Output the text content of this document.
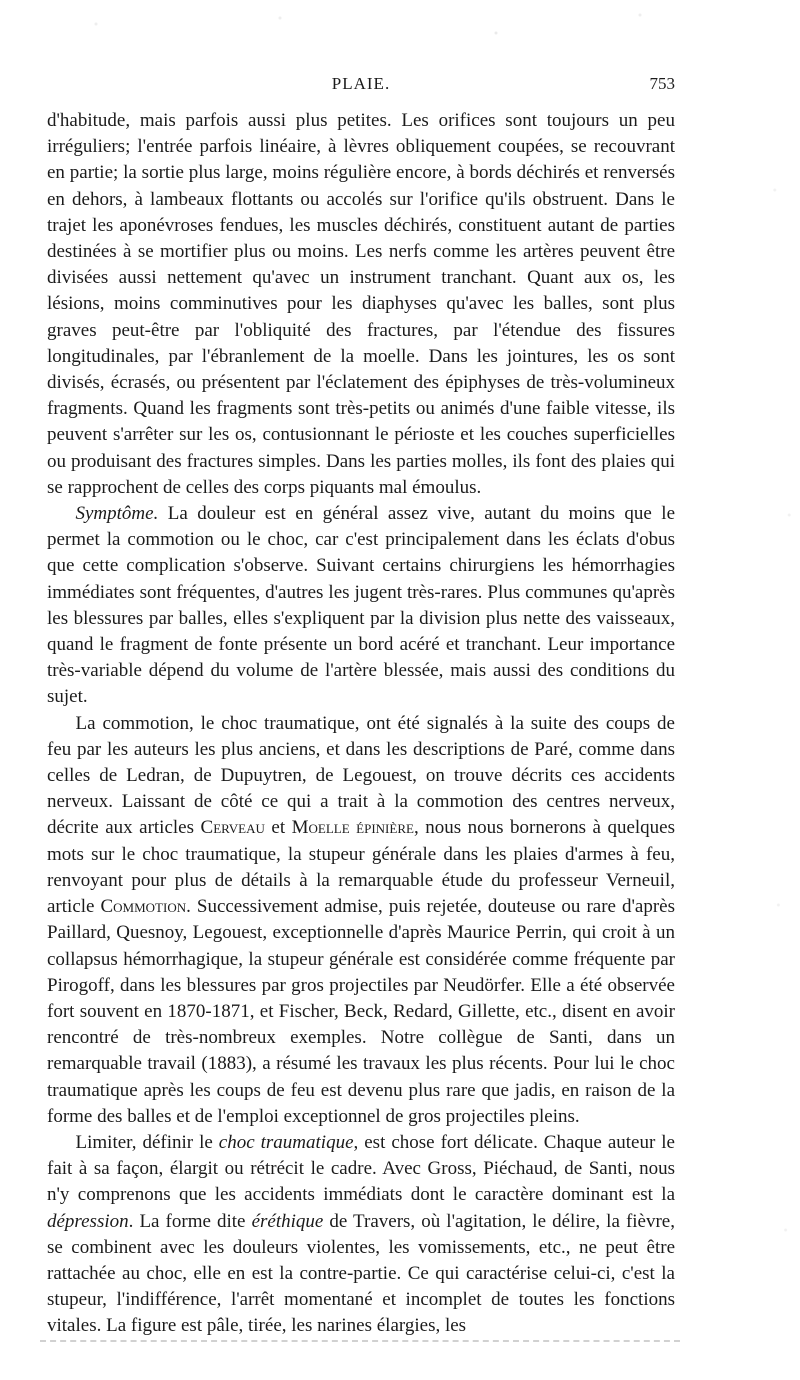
PLAIE.	753

d'habitude, mais parfois aussi plus petites. Les orifices sont toujours un peu irréguliers; l'entrée parfois linéaire, à lèvres obliquement coupées, se recouvrant en partie; la sortie plus large, moins régulière encore, à bords déchirés et renversés en dehors, à lambeaux flottants ou accolés sur l'orifice qu'ils obstruent. Dans le trajet les aponévroses fendues, les muscles déchirés, constituent autant de parties destinées à se mortifier plus ou moins. Les nerfs comme les artères peuvent être divisées aussi nettement qu'avec un instrument tranchant. Quant aux os, les lésions, moins comminutives pour les diaphyses qu'avec les balles, sont plus graves peut-être par l'obliquité des fractures, par l'étendue des fissures longitudinales, par l'ébranlement de la moelle. Dans les jointures, les os sont divisés, écrasés, ou présentent par l'éclatement des épiphyses de très-volumineux fragments. Quand les fragments sont très-petits ou animés d'une faible vitesse, ils peuvent s'arrêter sur les os, contusionnant le périoste et les couches superficielles ou produisant des fractures simples. Dans les parties molles, ils font des plaies qui se rapprochent de celles des corps piquants mal émoulus.

Symptôme. La douleur est en général assez vive, autant du moins que le permet la commotion ou le choc, car c'est principalement dans les éclats d'obus que cette complication s'observe. Suivant certains chirurgiens les hémorrhagies immédiates sont fréquentes, d'autres les jugent très-rares. Plus communes qu'après les blessures par balles, elles s'expliquent par la division plus nette des vaisseaux, quand le fragment de fonte présente un bord acéré et tranchant. Leur importance très-variable dépend du volume de l'artère blessée, mais aussi des conditions du sujet.

La commotion, le choc traumatique, ont été signalés à la suite des coups de feu par les auteurs les plus anciens, et dans les descriptions de Paré, comme dans celles de Ledran, de Dupuytren, de Legouest, on trouve décrits ces accidents nerveux. Laissant de côté ce qui a trait à la commotion des centres nerveux, décrite aux articles Cerveau et Moelle épinière, nous nous bornerons à quelques mots sur le choc traumatique, la stupeur générale dans les plaies d'armes à feu, renvoyant pour plus de détails à la remarquable étude du professeur Verneuil, article Commotion. Successivement admise, puis rejetée, douteuse ou rare d'après Paillard, Quesnoy, Legouest, exceptionnelle d'après Maurice Perrin, qui croit à un collapsus hémorrhagique, la stupeur générale est considérée comme fréquente par Pirogoff, dans les blessures par gros projectiles par Neudörfer. Elle a été observée fort souvent en 1870-1871, et Fischer, Beck, Redard, Gillette, etc., disent en avoir rencontré de très-nombreux exemples. Notre collègue de Santi, dans un remarquable travail (1883), a résumé les travaux les plus récents. Pour lui le choc traumatique après les coups de feu est devenu plus rare que jadis, en raison de la forme des balles et de l'emploi exceptionnel de gros projectiles pleins.

Limiter, définir le choc traumatique, est chose fort délicate. Chaque auteur le fait à sa façon, élargit ou rétrécit le cadre. Avec Gross, Piéchaud, de Santi, nous n'y comprenons que les accidents immédiats dont le caractère dominant est la dépression. La forme dite éréthique de Travers, où l'agitation, le délire, la fièvre, se combinent avec les douleurs violentes, les vomissements, etc., ne peut être rattachée au choc, elle en est la contre-partie. Ce qui caractérise celui-ci, c'est la stupeur, l'indifférence, l'arrêt momentané et incomplet de toutes les fonctions vitales. La figure est pâle, tirée, les narines élargies, les
